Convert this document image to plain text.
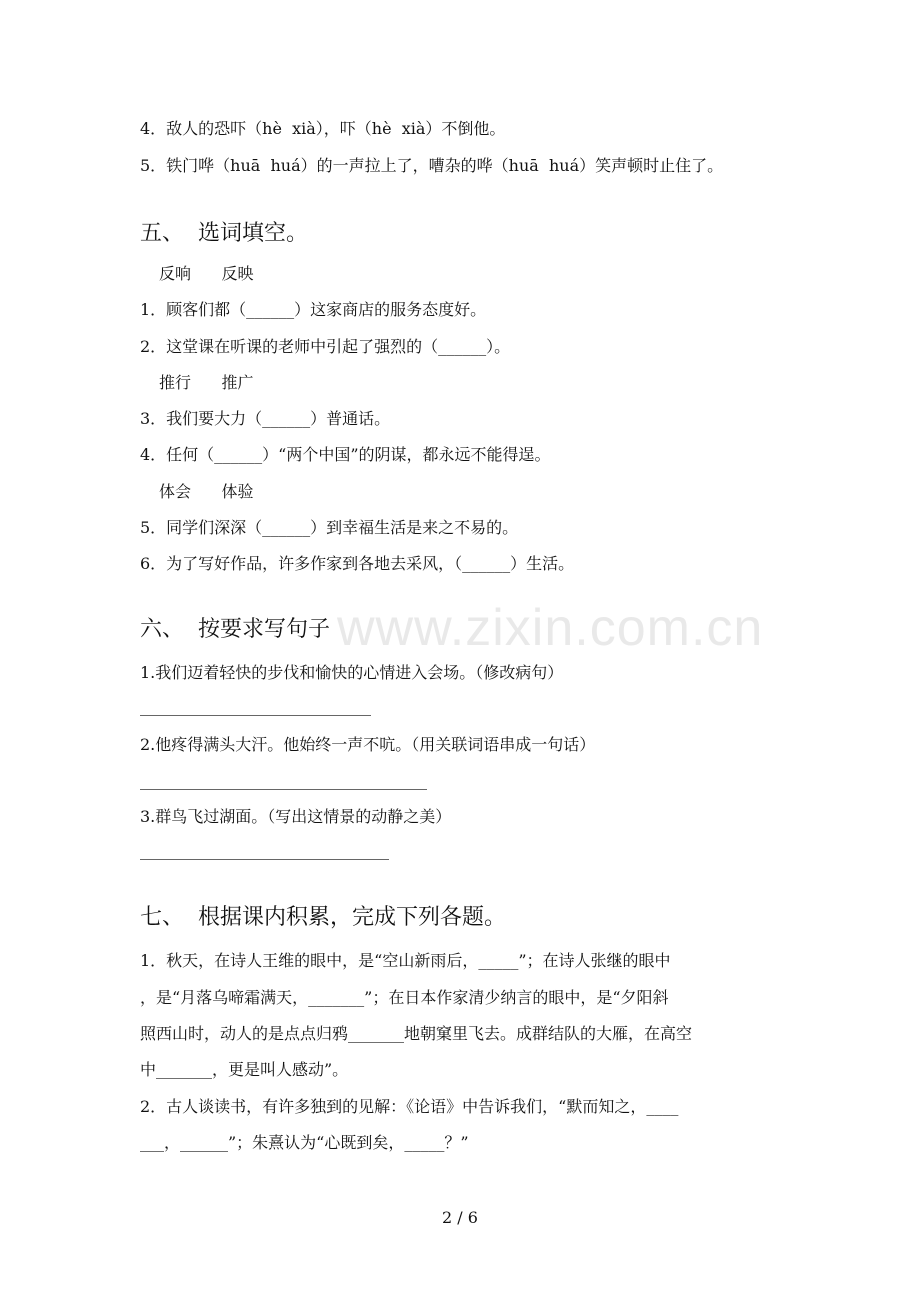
www.zixin.com.cn
4．敌人的恐吓（hè  xià），吓（hè  xià）不倒他。
5．铁门哗（huā  huá）的一声拉上了，嘈杂的哗（huā  huá）笑声顿时止住了。
五、  选词填空。
反响      反映
1．顾客们都（______）这家商店的服务态度好。
2．这堂课在听课的老师中引起了强烈的（______）。
推行      推广
3．我们要大力（______）普通话。
4．任何（______）“两个中国”的阴谋，都永远不能得逞。
体会      体验
5．同学们深深（______）到幸福生活是来之不易的。
6．为了写好作品，许多作家到各地去采风，（______）生活。
六、  按要求写句子
1.我们迈着轻快的步伐和愉快的心情进入会场。（修改病句）
2.他疼得满头大汗。他始终一声不吭。（用关联词语串成一句话）
3.群鸟飞过湖面。（写出这情景的动静之美）
七、  根据课内积累，完成下列各题。
1．秋天，在诗人王维的眼中，是“空山新雨后，_____”；在诗人张继的眼中
，是“月落乌啼霜满天，_______”；在日本作家清少纳言的眼中，是“夕阳斜
照西山时，动人的是点点归鸦_______地朝窠里飞去。成群结队的大雁，在高空
中_______，更是叫人感动”。
2．古人谈读书，有许多独到的见解：《论语》中告诉我们，“默而知之，____
___，______”；朱熹认为“心既到矣，_____？”
2 / 6
